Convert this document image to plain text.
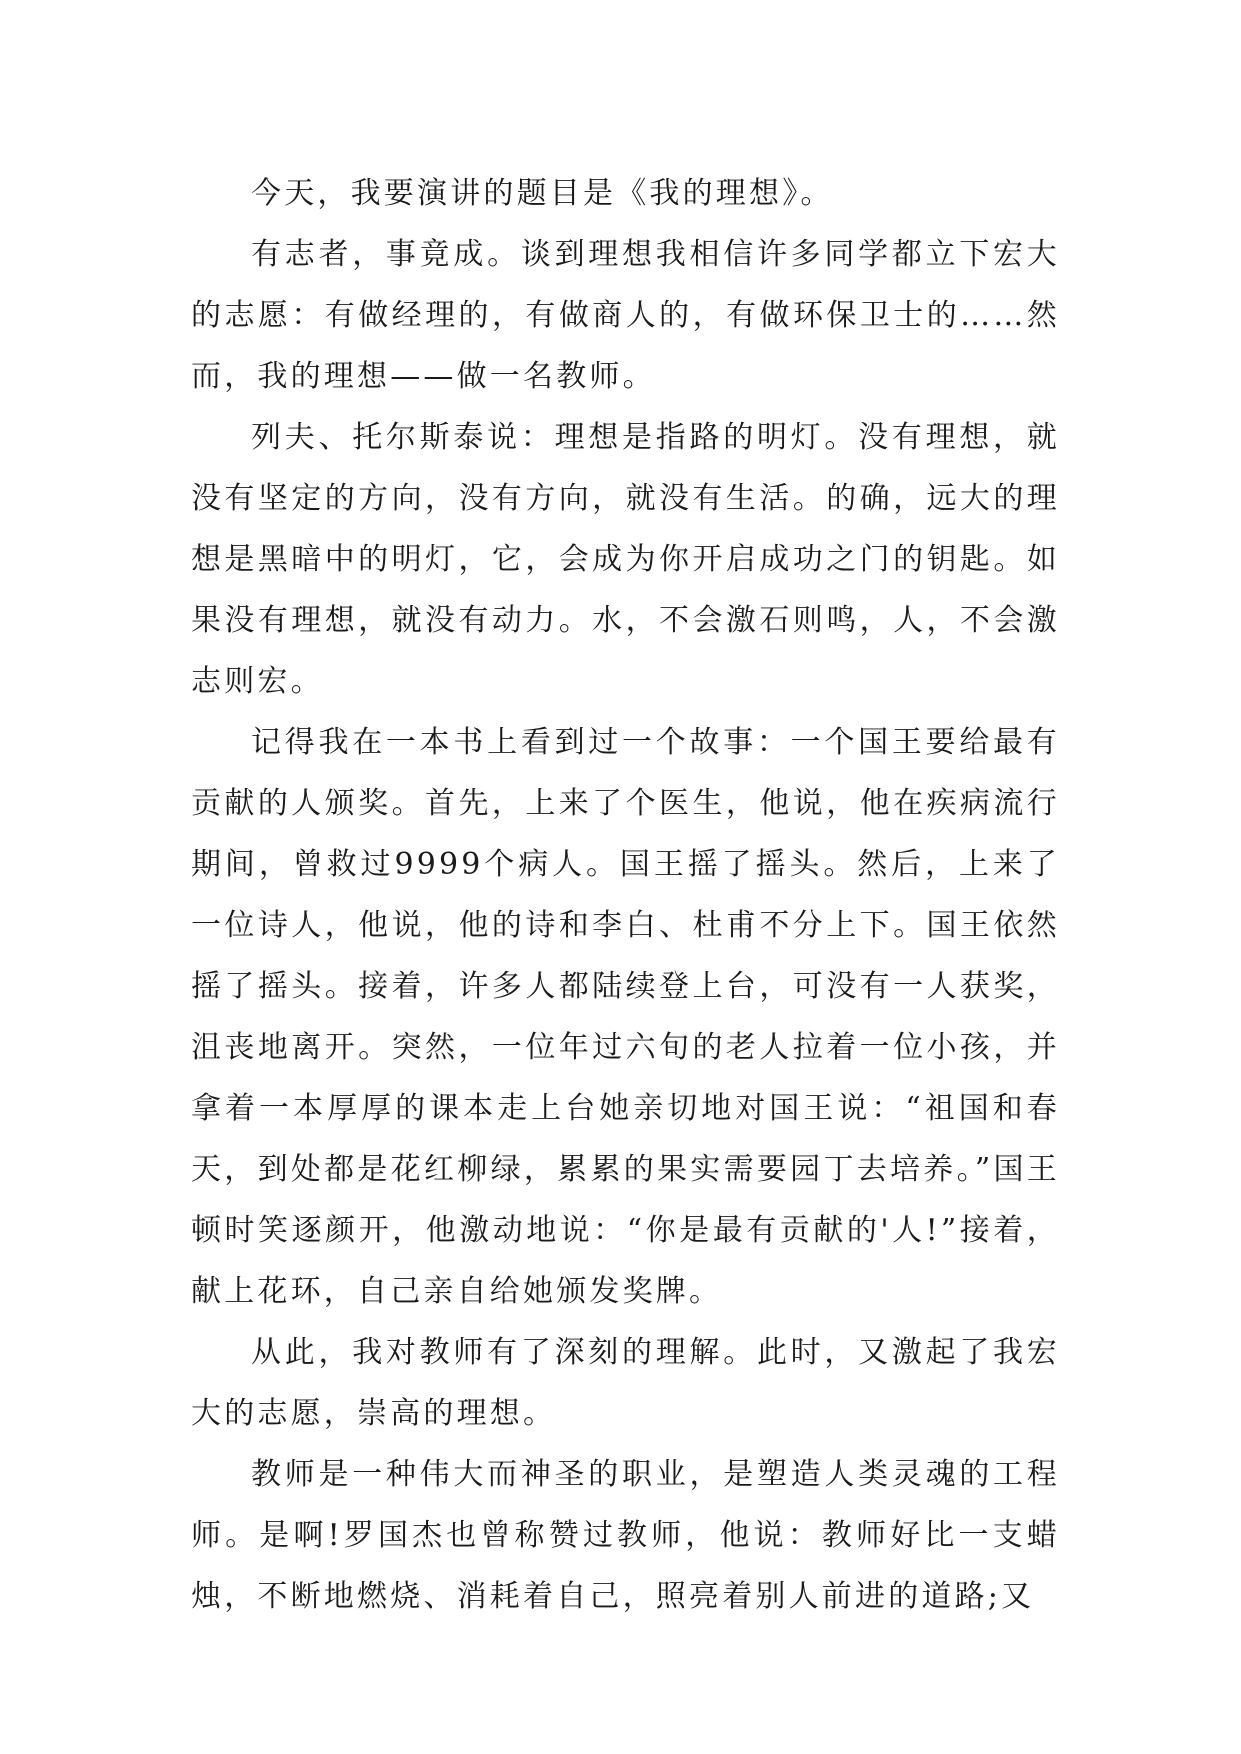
今天，我要演讲的题目是《我的理想》。

有志者，事竟成。谈到理想我相信许多同学都立下宏大的志愿：有做经理的，有做商人的，有做环保卫士的……然而，我的理想——做一名教师。

列夫、托尔斯泰说：理想是指路的明灯。没有理想，就没有坚定的方向，没有方向，就没有生活。的确，远大的理想是黑暗中的明灯，它，会成为你开启成功之门的钥匙。如果没有理想，就没有动力。水，不会激石则鸣，人，不会激志则宏。

记得我在一本书上看到过一个故事：一个国王要给最有贡献的人颁奖。首先，上来了个医生，他说，他在疾病流行期间，曾救过9999个病人。国王摇了摇头。然后，上来了一位诗人，他说，他的诗和李白、杜甫不分上下。国王依然摇了摇头。接着，许多人都陆续登上台，可没有一人获奖，沮丧地离开。突然，一位年过六旬的老人拉着一位小孩，并拿着一本厚厚的课本走上台她亲切地对国王说：“祖国和春天，到处都是花红柳绿，累累的果实需要园丁去培养。”国王顿时笑逐颜开，他激动地说：“你是最有贡献的'人!”接着，献上花环，自己亲自给她颁发奖牌。

从此，我对教师有了深刻的理解。此时，又激起了我宏大的志愿，崇高的理想。

教师是一种伟大而神圣的职业，是塑造人类灵魂的工程师。是啊!罗国杰也曾称赞过教师，他说：教师好比一支蜡烛，不断地燃烧、消耗着自己，照亮着别人前进的道路;又
